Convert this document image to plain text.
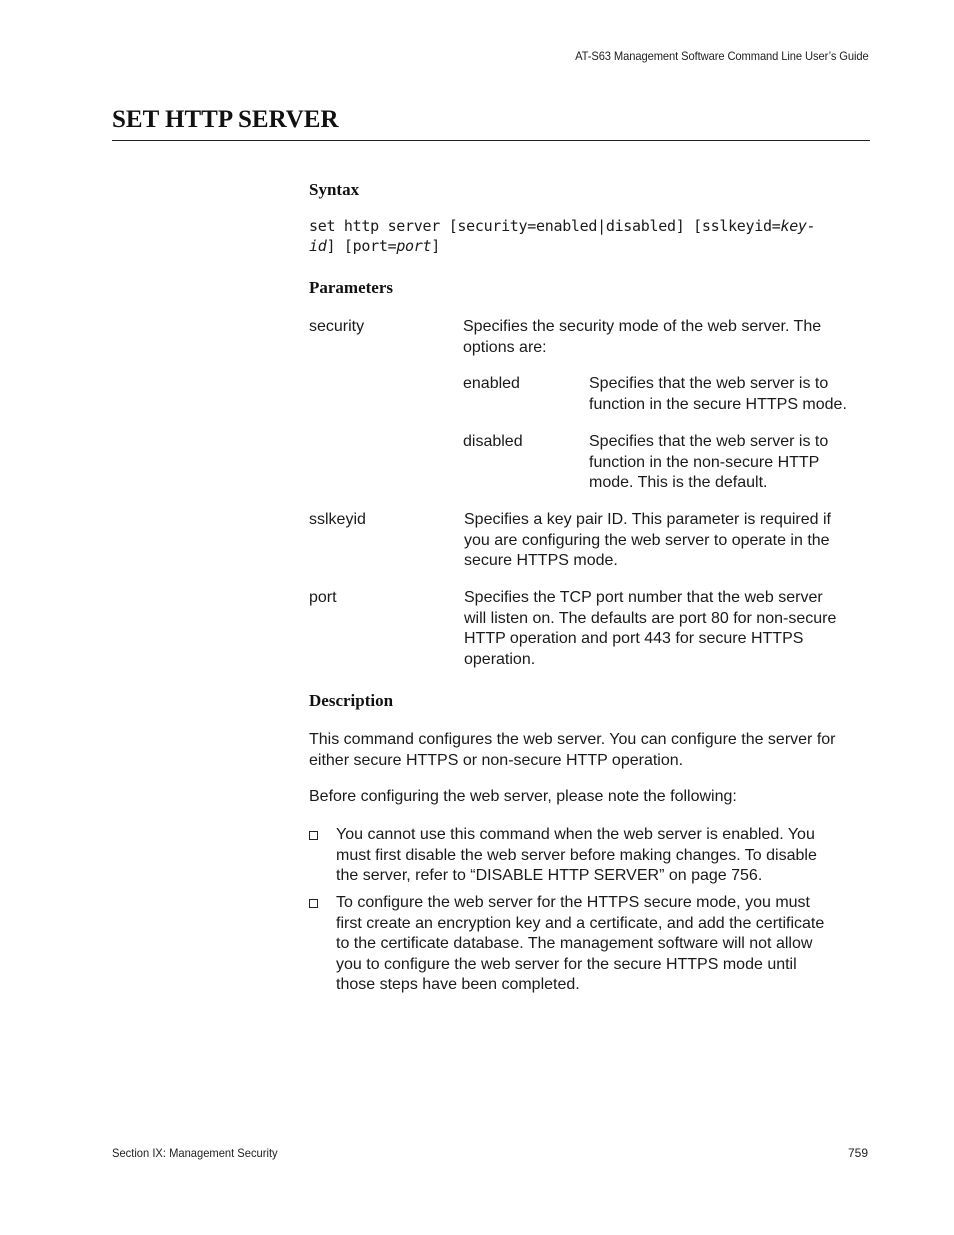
AT-S63 Management Software Command Line User’s Guide
SET HTTP SERVER
Syntax
set http server [security=enabled|disabled] [sslkeyid=key-
id] [port=port]
Parameters
security	Specifies the security mode of the web server. The
options are:
enabled	Specifies that the web server is to
function in the secure HTTPS mode.
disabled	Specifies that the web server is to
function in the non-secure HTTP
mode. This is the default.
sslkeyid	Specifies a key pair ID. This parameter is required if
you are configuring the web server to operate in the
secure HTTPS mode.
port	Specifies the TCP port number that the web server
will listen on. The defaults are port 80 for non-secure
HTTP operation and port 443 for secure HTTPS
operation.
Description
This command configures the web server. You can configure the server for
either secure HTTPS or non-secure HTTP operation.
Before configuring the web server, please note the following:
You cannot use this command when the web server is enabled. You
must first disable the web server before making changes. To disable
the server, refer to “DISABLE HTTP SERVER” on page 756.
To configure the web server for the HTTPS secure mode, you must
first create an encryption key and a certificate, and add the certificate
to the certificate database. The management software will not allow
you to configure the web server for the secure HTTPS mode until
those steps have been completed.
Section IX: Management Security	759
